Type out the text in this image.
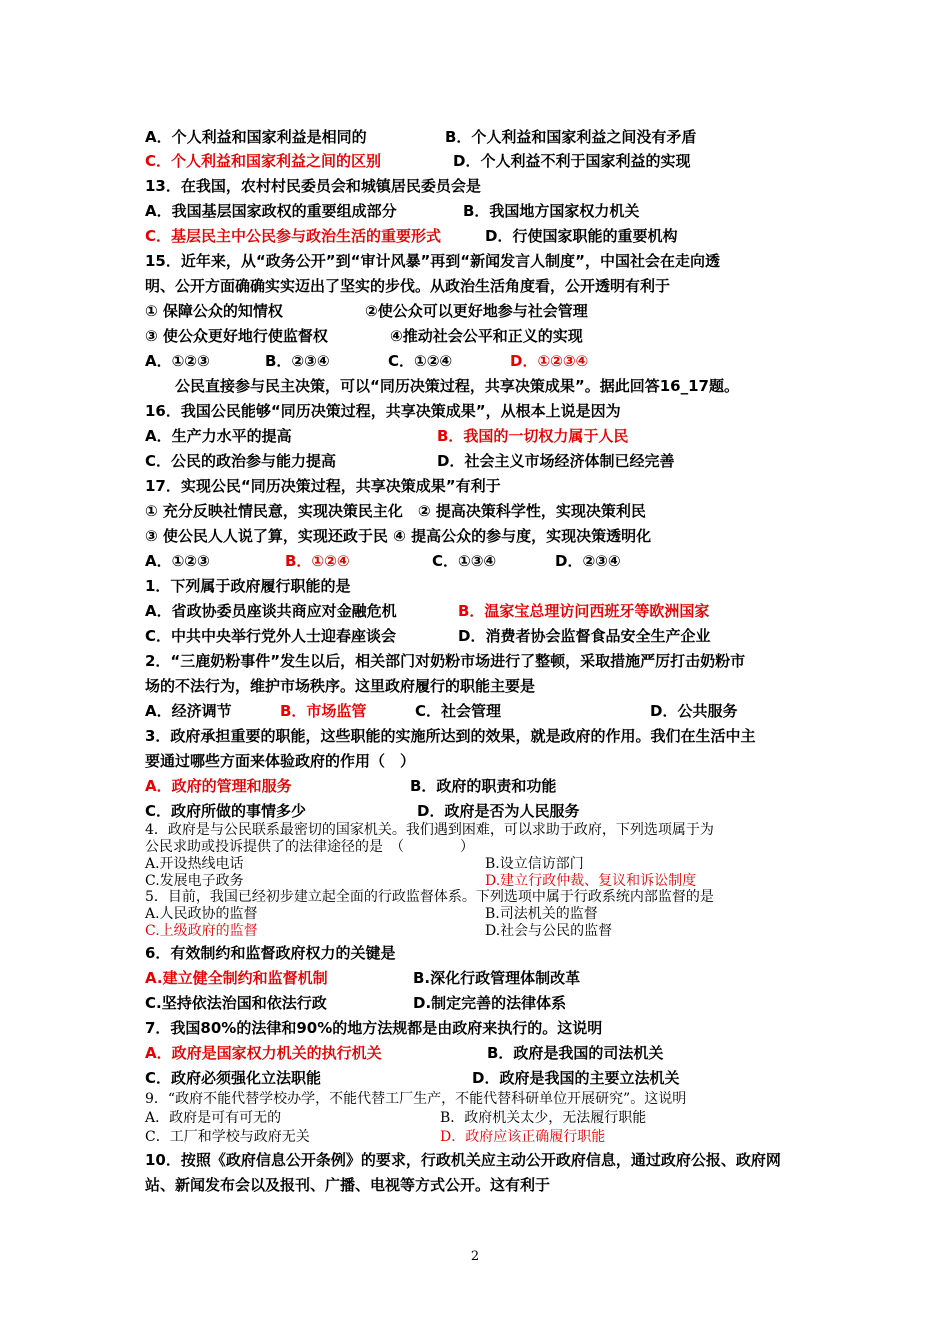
A．个人利益和国家利益是相同的	B．个人利益和国家利益之间没有矛盾
C．个人利益和国家利益之间的区别	D．个人利益不利于国家利益的实现
13．在我国，农村村民委员会和城镇居民委员会是
A．我国基层国家政权的重要组成部分	B．我国地方国家权力机关
C．基层民主中公民参与政治生活的重要形式	D．行使国家职能的重要机构
15．近年来，从“政务公开”到“审计风暴”再到“新闻发言人制度”，中国社会在走向透
明、公开方面确确实实迈出了坚实的步伐。从政治生活角度看，公开透明有利于
① 保障公众的知情权	②使公众可以更好地参与社会管理
③ 使公众更好地行使监督权	④推动社会公平和正义的实现
A．①②③	B．②③④	C．①②④	D．①②③④
公民直接参与民主决策，可以“同历决策过程，共享决策成果”。据此回答16_17题。
16．我国公民能够“同历决策过程，共享决策成果”，从根本上说是因为
A．生产力水平的提高	B．我国的一切权力属于人民
C．公民的政治参与能力提高	D．社会主义市场经济体制已经完善
17．实现公民“同历决策过程，共享决策成果”有利于
① 充分反映社情民意，实现决策民主化　② 提高决策科学性，实现决策利民
③ 使公民人人说了算，实现还政于民 ④ 提高公众的参与度，实现决策透明化
A．①②③	B．①②④	C．①③④	D．②③④
1．下列属于政府履行职能的是
A．省政协委员座谈共商应对金融危机	B．温家宝总理访问西班牙等欧洲国家
C．中共中央举行党外人士迎春座谈会	D．消费者协会监督食品安全生产企业
2．“三鹿奶粉事件”发生以后，相关部门对奶粉市场进行了整顿，采取措施严厉打击奶粉市
场的不法行为，维护市场秩序。这里政府履行的职能主要是
A．经济调节	B．市场监管	C．社会管理	D．公共服务
3．政府承担重要的职能，这些职能的实施所达到的效果，就是政府的作用。我们在生活中主
要通过哪些方面来体验政府的作用（　）
A．政府的管理和服务	B．政府的职责和功能
C．政府所做的事情多少	D．政府是否为人民服务
4．政府是与公民联系最密切的国家机关。我们遇到困难，可以求助于政府，下列选项属于为
公民求助或投诉提供了的法律途径的是　（　　　　）
A.开设热线电话	B.设立信访部门
C.发展电子政务	D.建立行政仲裁、复议和诉讼制度
5．目前，我国已经初步建立起全面的行政监督体系。下列选项中属于行政系统内部监督的是
A.人民政协的监督	B.司法机关的监督
C.上级政府的监督	D.社会与公民的监督
6．有效制约和监督政府权力的关键是
A.建立健全制约和监督机制	B.深化行政管理体制改革
C.坚持依法治国和依法行政	D.制定完善的法律体系
7．我国80%的法律和90%的地方法规都是由政府来执行的。这说明
A．政府是国家权力机关的执行机关	B．政府是我国的司法机关
C．政府必须强化立法职能	D．政府是我国的主要立法机关
9．“政府不能代替学校办学，不能代替工厂生产，不能代替科研单位开展研究”。这说明
A．政府是可有可无的	B．政府机关太少，无法履行职能
C．工厂和学校与政府无关	D．政府应该正确履行职能
10．按照《政府信息公开条例》的要求，行政机关应主动公开政府信息，通过政府公报、政府网
站、新闻发布会以及报刊、广播、电视等方式公开。这有利于
2
